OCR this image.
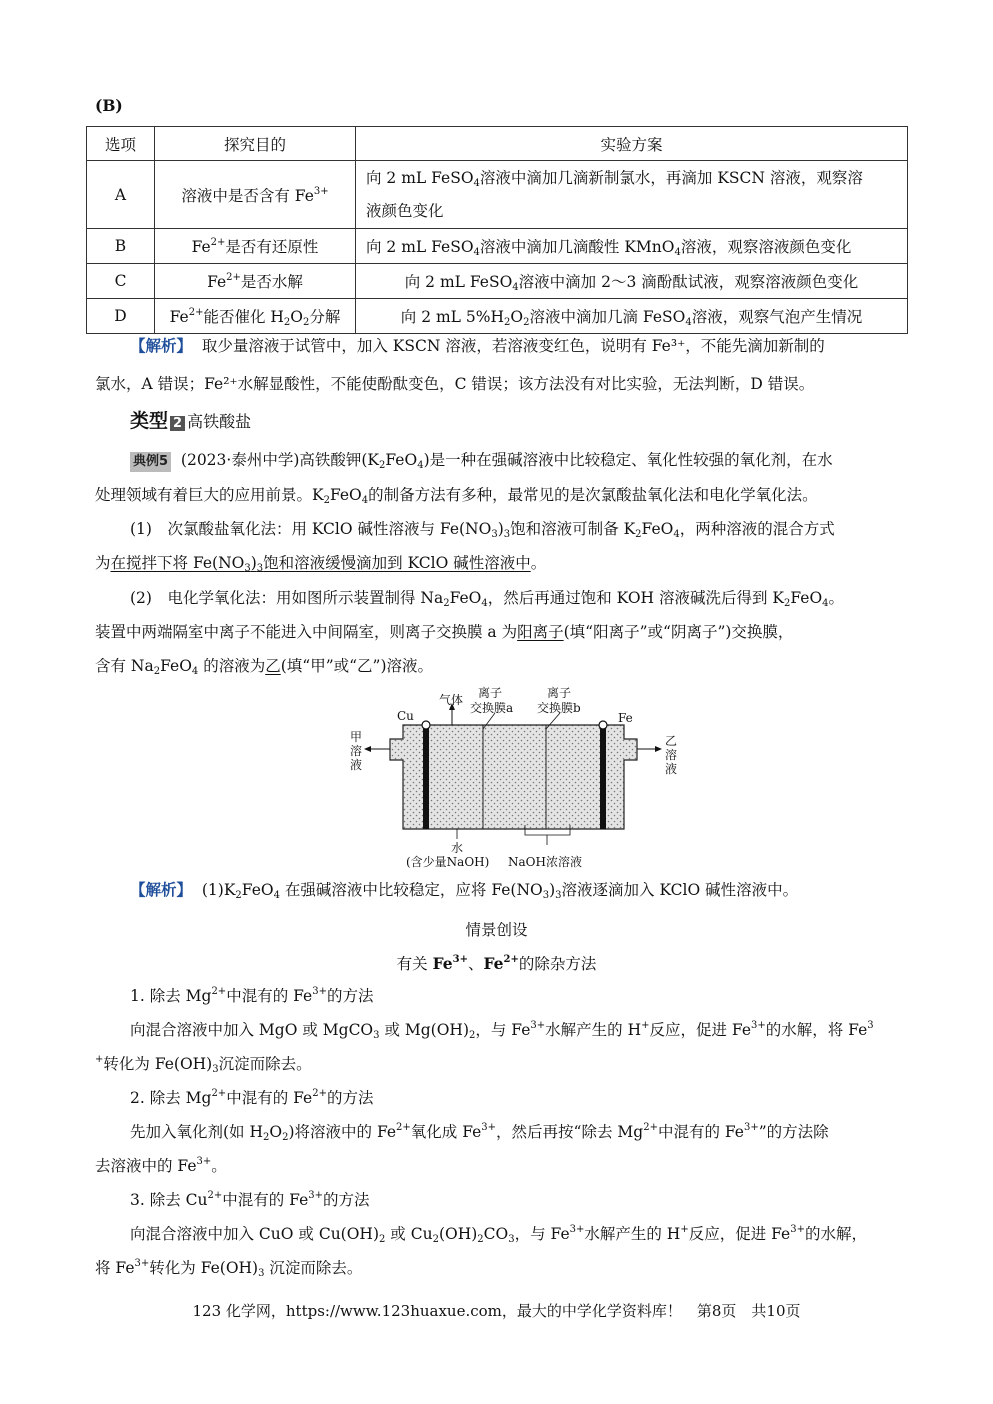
(B)
选项	探究目的	实验方案
A	溶液中是否含有 $Fe^{3+}$	向 2 mL FeSO$_4$溶液中滴加几滴新制氯水，再滴加 KSCN 溶液，观察溶
液颜色变化
B	$Fe^{2+}$是否有还原性	向 2 mL FeSO$_4$溶液中滴加几滴酸性 KMnO$_4$溶液，观察溶液颜色变化
C	$Fe^{2+}$是否水解	向 2 mL FeSO$_4$溶液中滴加 2～3 滴酚酞试液，观察溶液颜色变化
D	$Fe^{2+}$能否催化 $H_2O_2$分解	向 2 mL $5\%H_2O_2$溶液中滴加几滴 FeSO$_4$溶液，观察气泡产生情况
【解析】 取少量溶液于试管中，加入 KSCN 溶液，若溶液变红色，说明有 Fe³⁺，不能先滴加新制的
氯水，A 错误；Fe²⁺水解显酸性，不能使酚酞变色，C 错误；该方法没有对比实验，无法判断，D 错误。
类型 2 高铁酸盐
典例5 (2023·泰州中学)高铁酸钾$(K_2FeO_4)$是一种在强碱溶液中比较稳定、氧化性较强的氧化剂，在水
处理领域有着巨大的应用前景。$K_2FeO_4$的制备方法有多种，最常见的是次氯酸盐氧化法和电化学氧化法。
(1)　次氯酸盐氧化法：用 KClO 碱性溶液与 $Fe(NO_3)_3$饱和溶液可制备 $K_2FeO_4$，两种溶液的混合方式
为在搅拌下将 $Fe(NO_3)_3$饱和溶液缓慢滴加到 KClO 碱性溶液中。
(2)　电化学氧化法：用如图所示装置制得 $Na_2FeO_4$，然后再通过饱和 KOH 溶液碱洗后得到 $K_2FeO_4$。
装置中两端隔室中离子不能进入中间隔室，则离子交换膜 a 为阳离子(填“阳离子”或“阴离子”)交换膜，
含有 $Na_2FeO_4$ 的溶液为乙(填“甲”或“乙”)溶液。
气体 离子
交换膜a
离子
交换膜b
Cu	Fe
甲
溶
液
乙
溶
液
水
(含少量NaOH) NaOH浓溶液
【解析】 $(1)K_2FeO_4$ 在强碱溶液中比较稳定，应将 $Fe(NO_3)_3$溶液逐滴加入 KClO 碱性溶液中。
情景创设
有关 $Fe^{3+}$、$Fe^{2+}$的除杂方法
1. 除去 $Mg^{2+}$中混有的 $Fe^{3+}$的方法
向混合溶液中加入 MgO 或 MgCO$_3$ 或 $Mg(OH)_2$，与 $Fe^{3+}$水解产生的 H+反应，促进 $Fe^{3+}$的水解，将 Fe$^3$
+转化为 $Fe(OH)_3$沉淀而除去。
2. 除去 $Mg^{2+}$中混有的 $Fe^{2+}$的方法
先加入氧化剂(如 $H_2O_2$)将溶液中的 $Fe^{2+}$氧化成 $Fe^{3+}$，然后再按“除去 $Mg^{2+}$中混有的 $Fe^{3+}$”的方法除
去溶液中的 $Fe^{3+}$。
3. 除去 $Cu^{2+}$中混有的 $Fe^{3+}$的方法
向混合溶液中加入 CuO 或 $Cu(OH)_2$ 或 $Cu_2(OH)_2CO_3$，与 $Fe^{3+}$水解产生的 H+反应，促进 $Fe^{3+}$的水解，
将 $Fe^{3+}$转化为 $Fe(OH)_3$ 沉淀而除去。
123 化学网，https://www.123huaxue.com，最大的中学化学资料库！　第8页　共10页
